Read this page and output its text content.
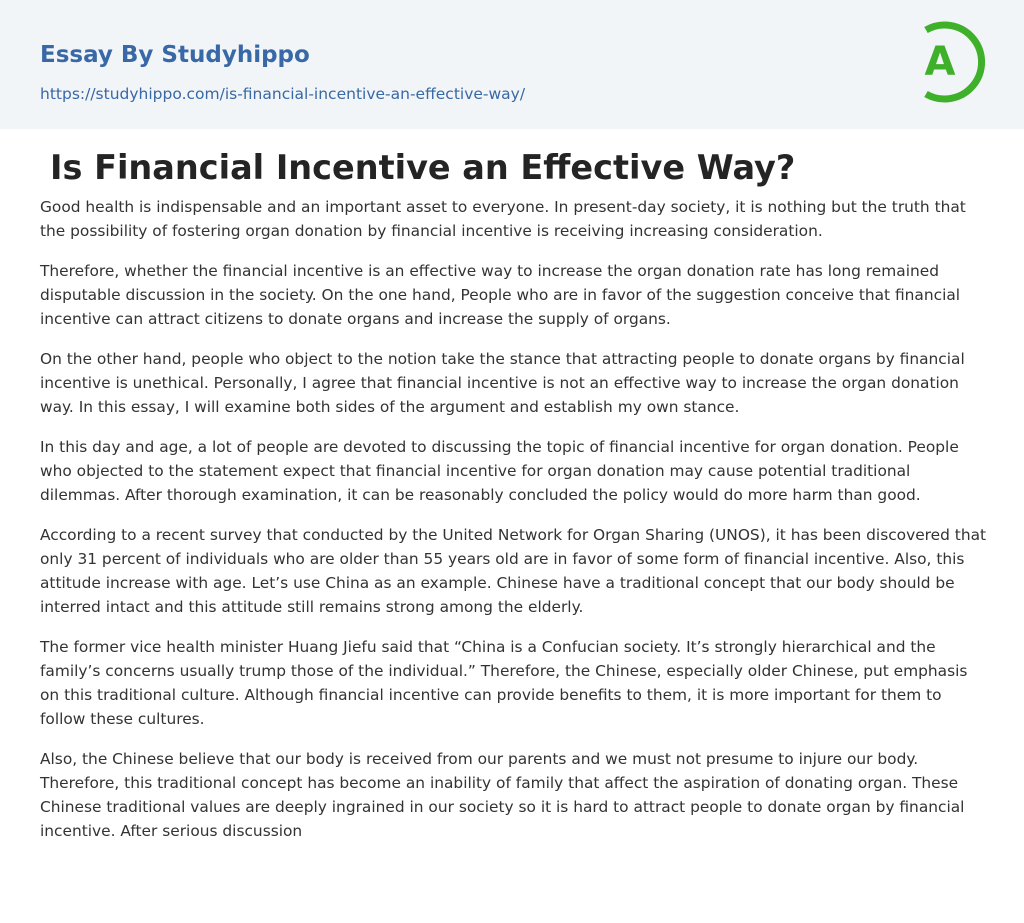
Essay By Studyhippo
https://studyhippo.com/is-financial-incentive-an-effective-way/
A
Is Financial Incentive an Effective Way?

Good health is indispensable and an important asset to everyone. In present-day society, it is nothing but the truth that the possibility of fostering organ donation by financial incentive is receiving increasing consideration.

Therefore, whether the financial incentive is an effective way to increase the organ donation rate has long remained disputable discussion in the society. On the one hand, People who are in favor of the suggestion conceive that financial incentive can attract citizens to donate organs and increase the supply of organs.

On the other hand, people who object to the notion take the stance that attracting people to donate organs by financial incentive is unethical. Personally, I agree that financial incentive is not an effective way to increase the organ donation way. In this essay, I will examine both sides of the argument and establish my own stance.

In this day and age, a lot of people are devoted to discussing the topic of financial incentive for organ donation. People who objected to the statement expect that financial incentive for organ donation may cause potential traditional dilemmas. After thorough examination, it can be reasonably concluded the policy would do more harm than good.

According to a recent survey that conducted by the United Network for Organ Sharing (UNOS), it has been discovered that only 31 percent of individuals who are older than 55 years old are in favor of some form of financial incentive. Also, this attitude increase with age. Let’s use China as an example. Chinese have a traditional concept that our body should be interred intact and this attitude still remains strong among the elderly.

The former vice health minister Huang Jiefu said that “China is a Confucian society. It’s strongly hierarchical and the family’s concerns usually trump those of the individual.” Therefore, the Chinese, especially older Chinese, put emphasis on this traditional culture. Although financial incentive can provide benefits to them, it is more important for them to follow these cultures.

Also, the Chinese believe that our body is received from our parents and we must not presume to injure our body. Therefore, this traditional concept has become an inability of family that affect the aspiration of donating organ. These Chinese traditional values are deeply ingrained in our society so it is hard to attract people to donate organ by financial incentive. After serious discussion
